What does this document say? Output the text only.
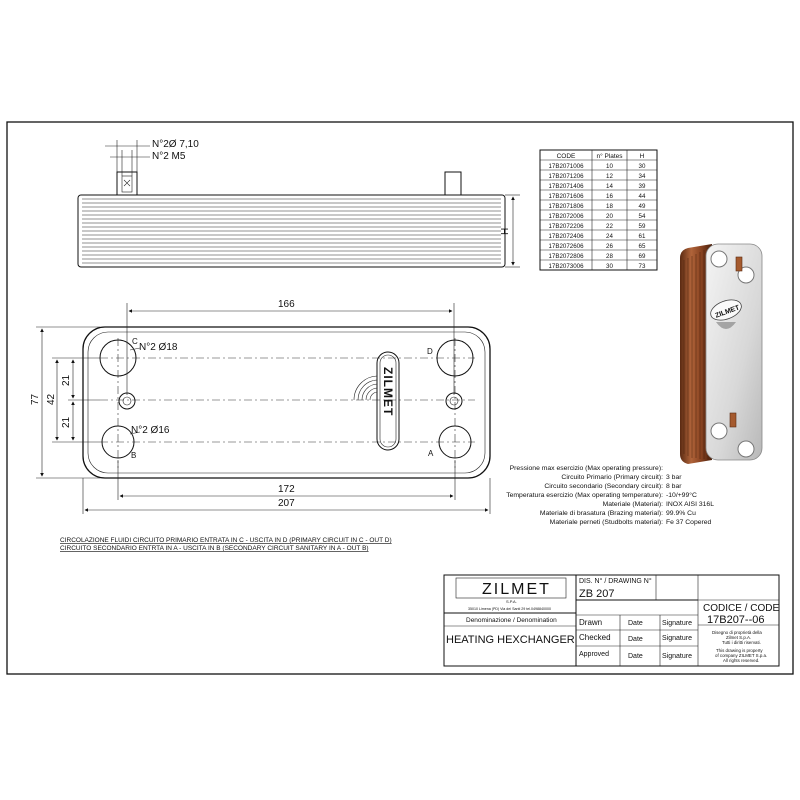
N°2Ø 7,10
N°2 M5
H
CODE	n° Plates	H
17B2071006	10	30
17B2071206	12	34
17B2071406	14	39
17B2071606	16	44
17B2071806	18	49
17B2072006	20	54
17B2072206	22	59
17B2072406	24	61
17B2072606	26	65
17B2072806	28	69
17B2073006	30	73
ZILMET
C
D
B	A
N°2 Ø18
N°2 Ø16
ZILMET
166
172
207
77 42
21
21
Pressione max esercizio (Max operating pressure):
Circuito Primario (Primary circuit): 3 bar
Circuito secondario (Secondary circuit): 8 bar
Temperatura esercizio (Max operating temperature): -10/+99°C
Materiale (Material): INOX AISI 316L
Materiale di brasatura (Brazing material): 99.9% Cu
Materiale perneti (Studbolts material): Fe 37 Copered
CIRCOLAZIONE FLUIDI CIRCUITO PRIMARIO ENTRATA IN C - USCITA IN D (PRIMARY CIRCUIT IN C - OUT D)
CIRCUITO SECONDARIO ENTRTA IN A - USCITA IN B (SECONDARY CIRCUIT SANITARY IN A - OUT B)
ZILMET
S.P.A.
35010 Limena (PD) Via dei Santi 29 tel.0498840000
Denominazione / Denomination
HEATING HEXCHANGER
DIS. N° / DRAWING N°
ZB 207
CODICE / CODE
17B207--06
Drawn	Date	Signature
Checked Date	Signature
Approved	Date	Signature
Disegno di proprietà della
Zilmet S.p.A.
Tutti i diritti riservati.
This drawing is property
of company ZILMET S.p.a.
All rights reserved.
